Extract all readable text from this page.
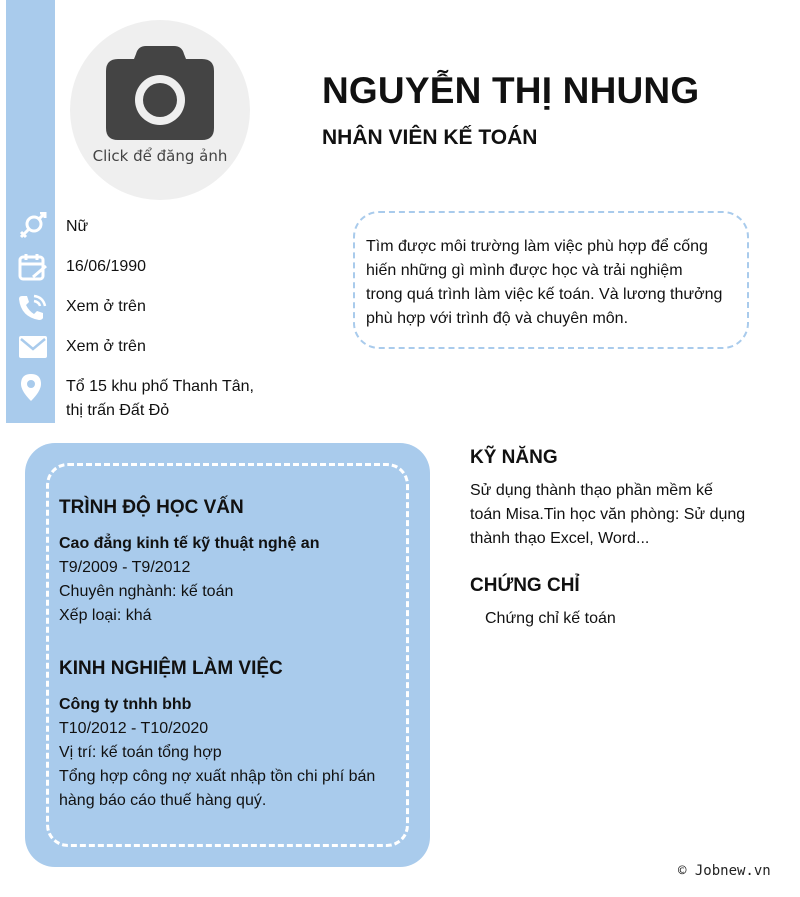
Click để đăng ảnh
NGUYỄN THỊ NHUNG
NHÂN VIÊN KẾ TOÁN
Nữ
16/06/1990
Xem ở trên
Xem ở trên
Tổ 15 khu phố Thanh Tân,
thị trấn Đất Đỏ
Tìm được môi trường làm việc phù hợp để cống
hiến những gì mình được học và trải nghiệm
trong quá trình làm việc kế toán. Và lương thưởng
phù hợp với trình độ và chuyên môn.
TRÌNH ĐỘ HỌC VẤN
Cao đẳng kinh tế kỹ thuật nghệ an
T9/2009 - T9/2012
Chuyên nghành: kế toán
Xếp loại: khá
KINH NGHIỆM LÀM VIỆC
Công ty tnhh bhb
T10/2012 - T10/2020
Vị trí: kế toán tổng hợp
Tổng hợp công nợ xuất nhập tồn chi phí bán
hàng báo cáo thuế hàng quý.
KỸ NĂNG
Sử dụng thành thạo phần mềm kế
toán Misa.Tin học văn phòng: Sử dụng
thành thạo Excel, Word...
CHỨNG CHỈ
Chứng chỉ kế toán
© Jobnew.vn
